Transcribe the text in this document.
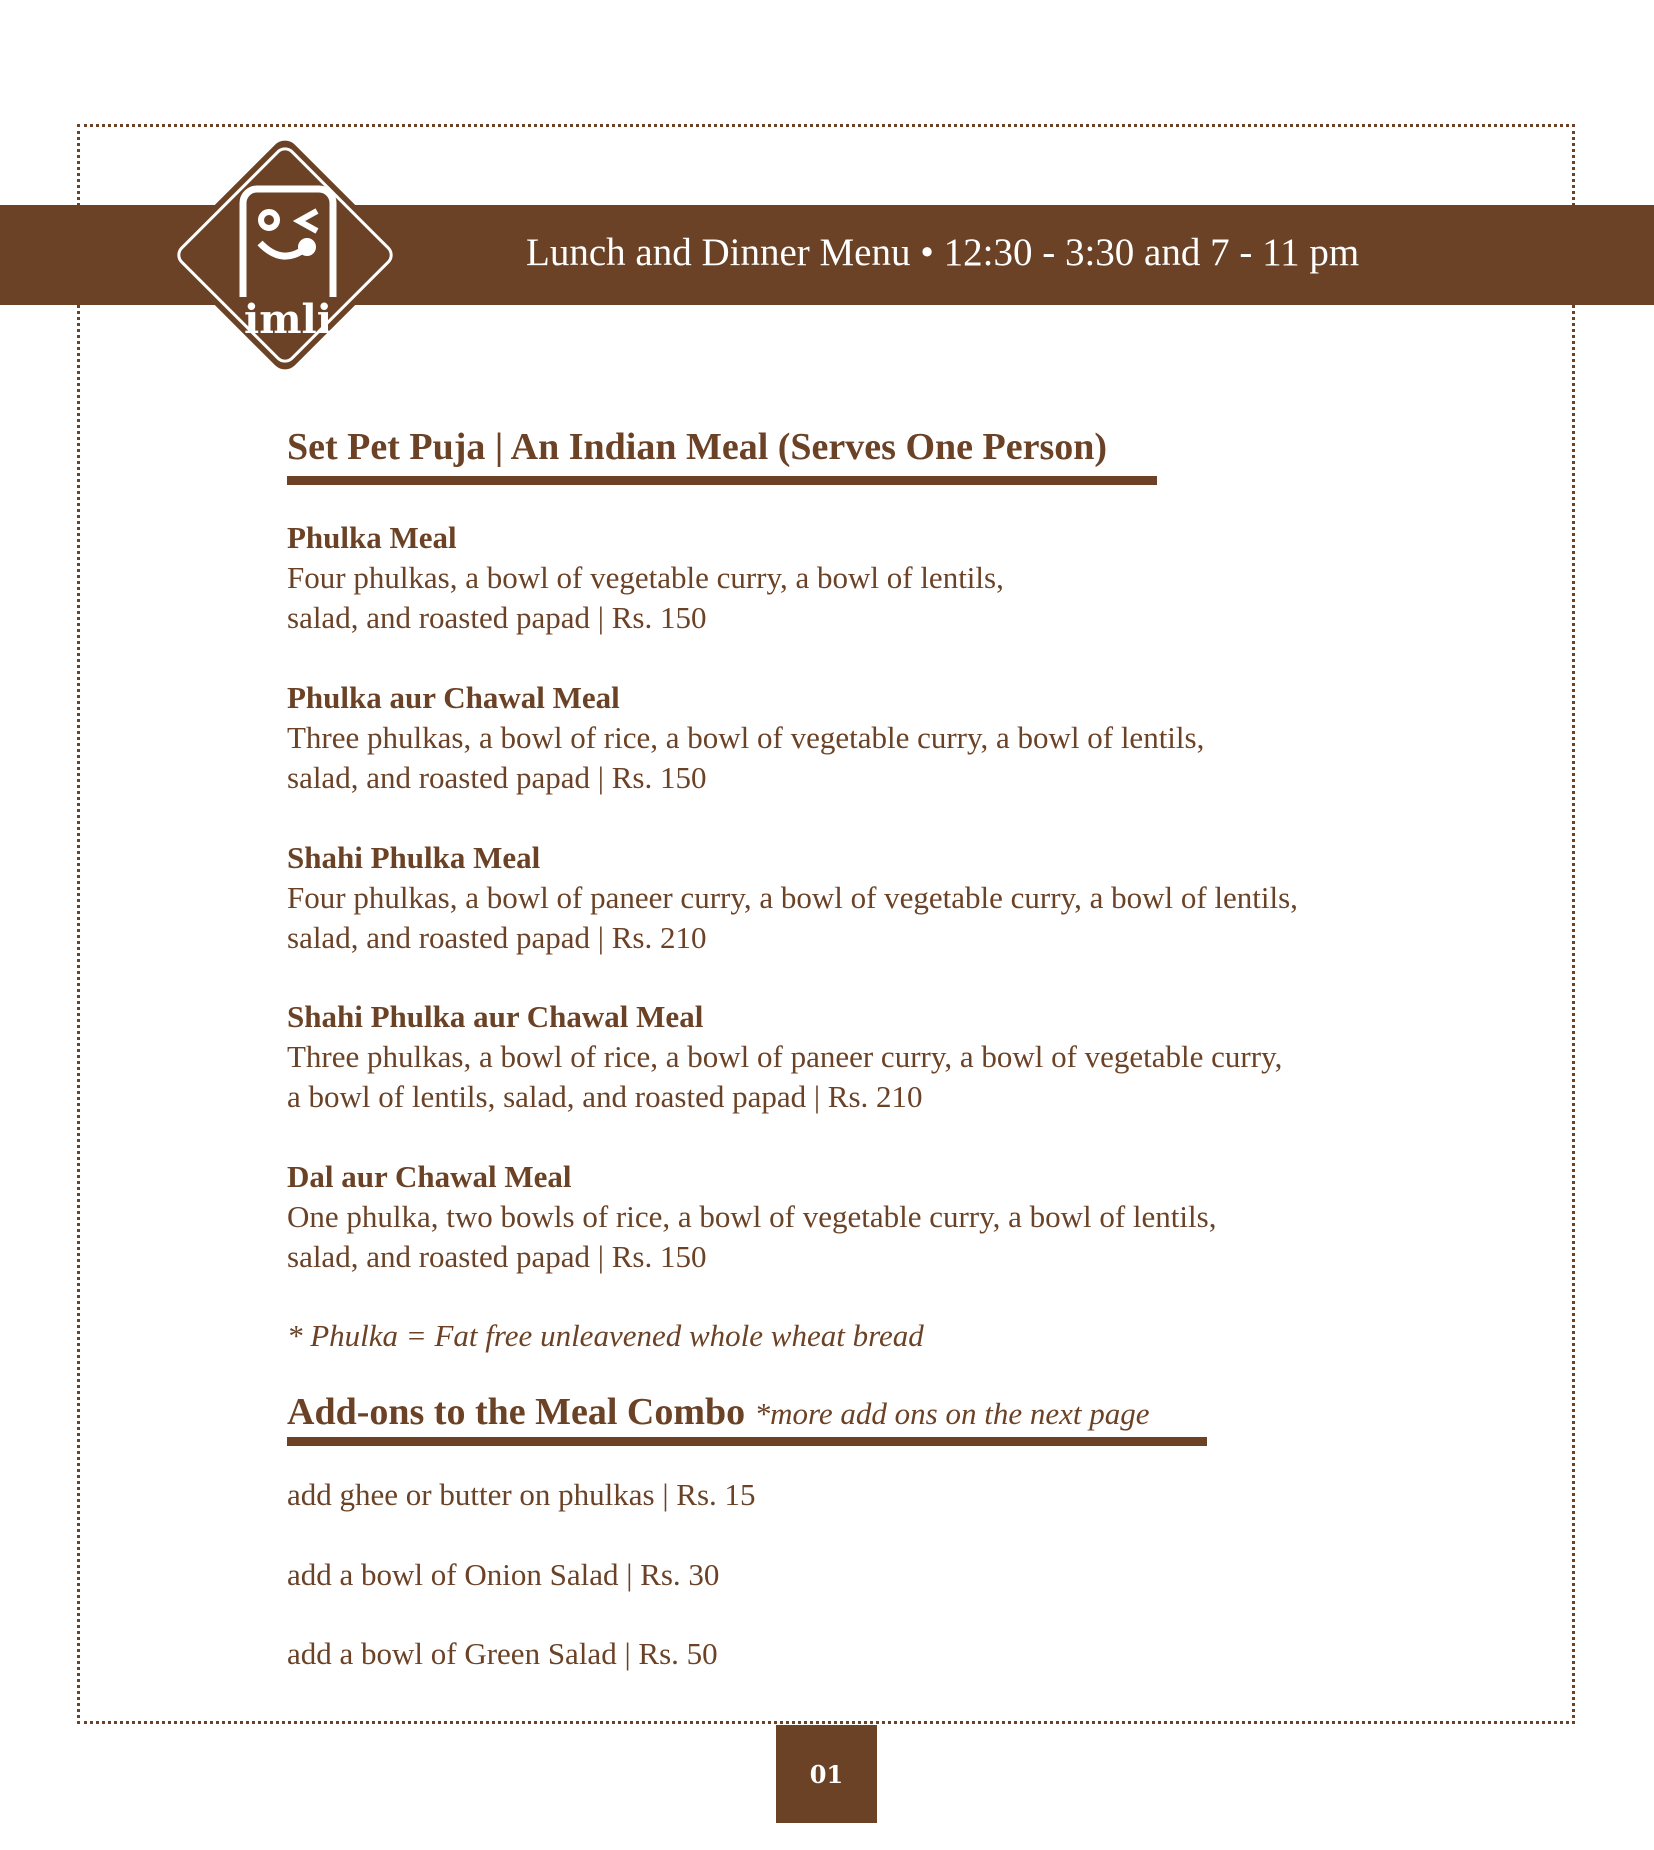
Lunch and Dinner Menu • 12:30 - 3:30 and 7 - 11 pm
imli
Set Pet Puja | An Indian Meal (Serves One Person)
Phulka Meal
Four phulkas, a bowl of vegetable curry, a bowl of lentils,
salad, and roasted papad | Rs. 150
Phulka aur Chawal Meal
Three phulkas, a bowl of rice, a bowl of vegetable curry, a bowl of lentils,
salad, and roasted papad | Rs. 150
Shahi Phulka Meal
Four phulkas, a bowl of paneer curry, a bowl of vegetable curry, a bowl of lentils,
salad, and roasted papad | Rs. 210
Shahi Phulka aur Chawal Meal
Three phulkas, a bowl of rice, a bowl of paneer curry, a bowl of vegetable curry,
a bowl of lentils, salad, and roasted papad | Rs. 210
Dal aur Chawal Meal
One phulka, two bowls of rice, a bowl of vegetable curry, a bowl of lentils,
salad, and roasted papad | Rs. 150
* Phulka = Fat free unleavened whole wheat bread
Add-ons to the Meal Combo *more add ons on the next page
add ghee or butter on phulkas | Rs. 15
add a bowl of Onion Salad | Rs. 30
add a bowl of Green Salad | Rs. 50
01
